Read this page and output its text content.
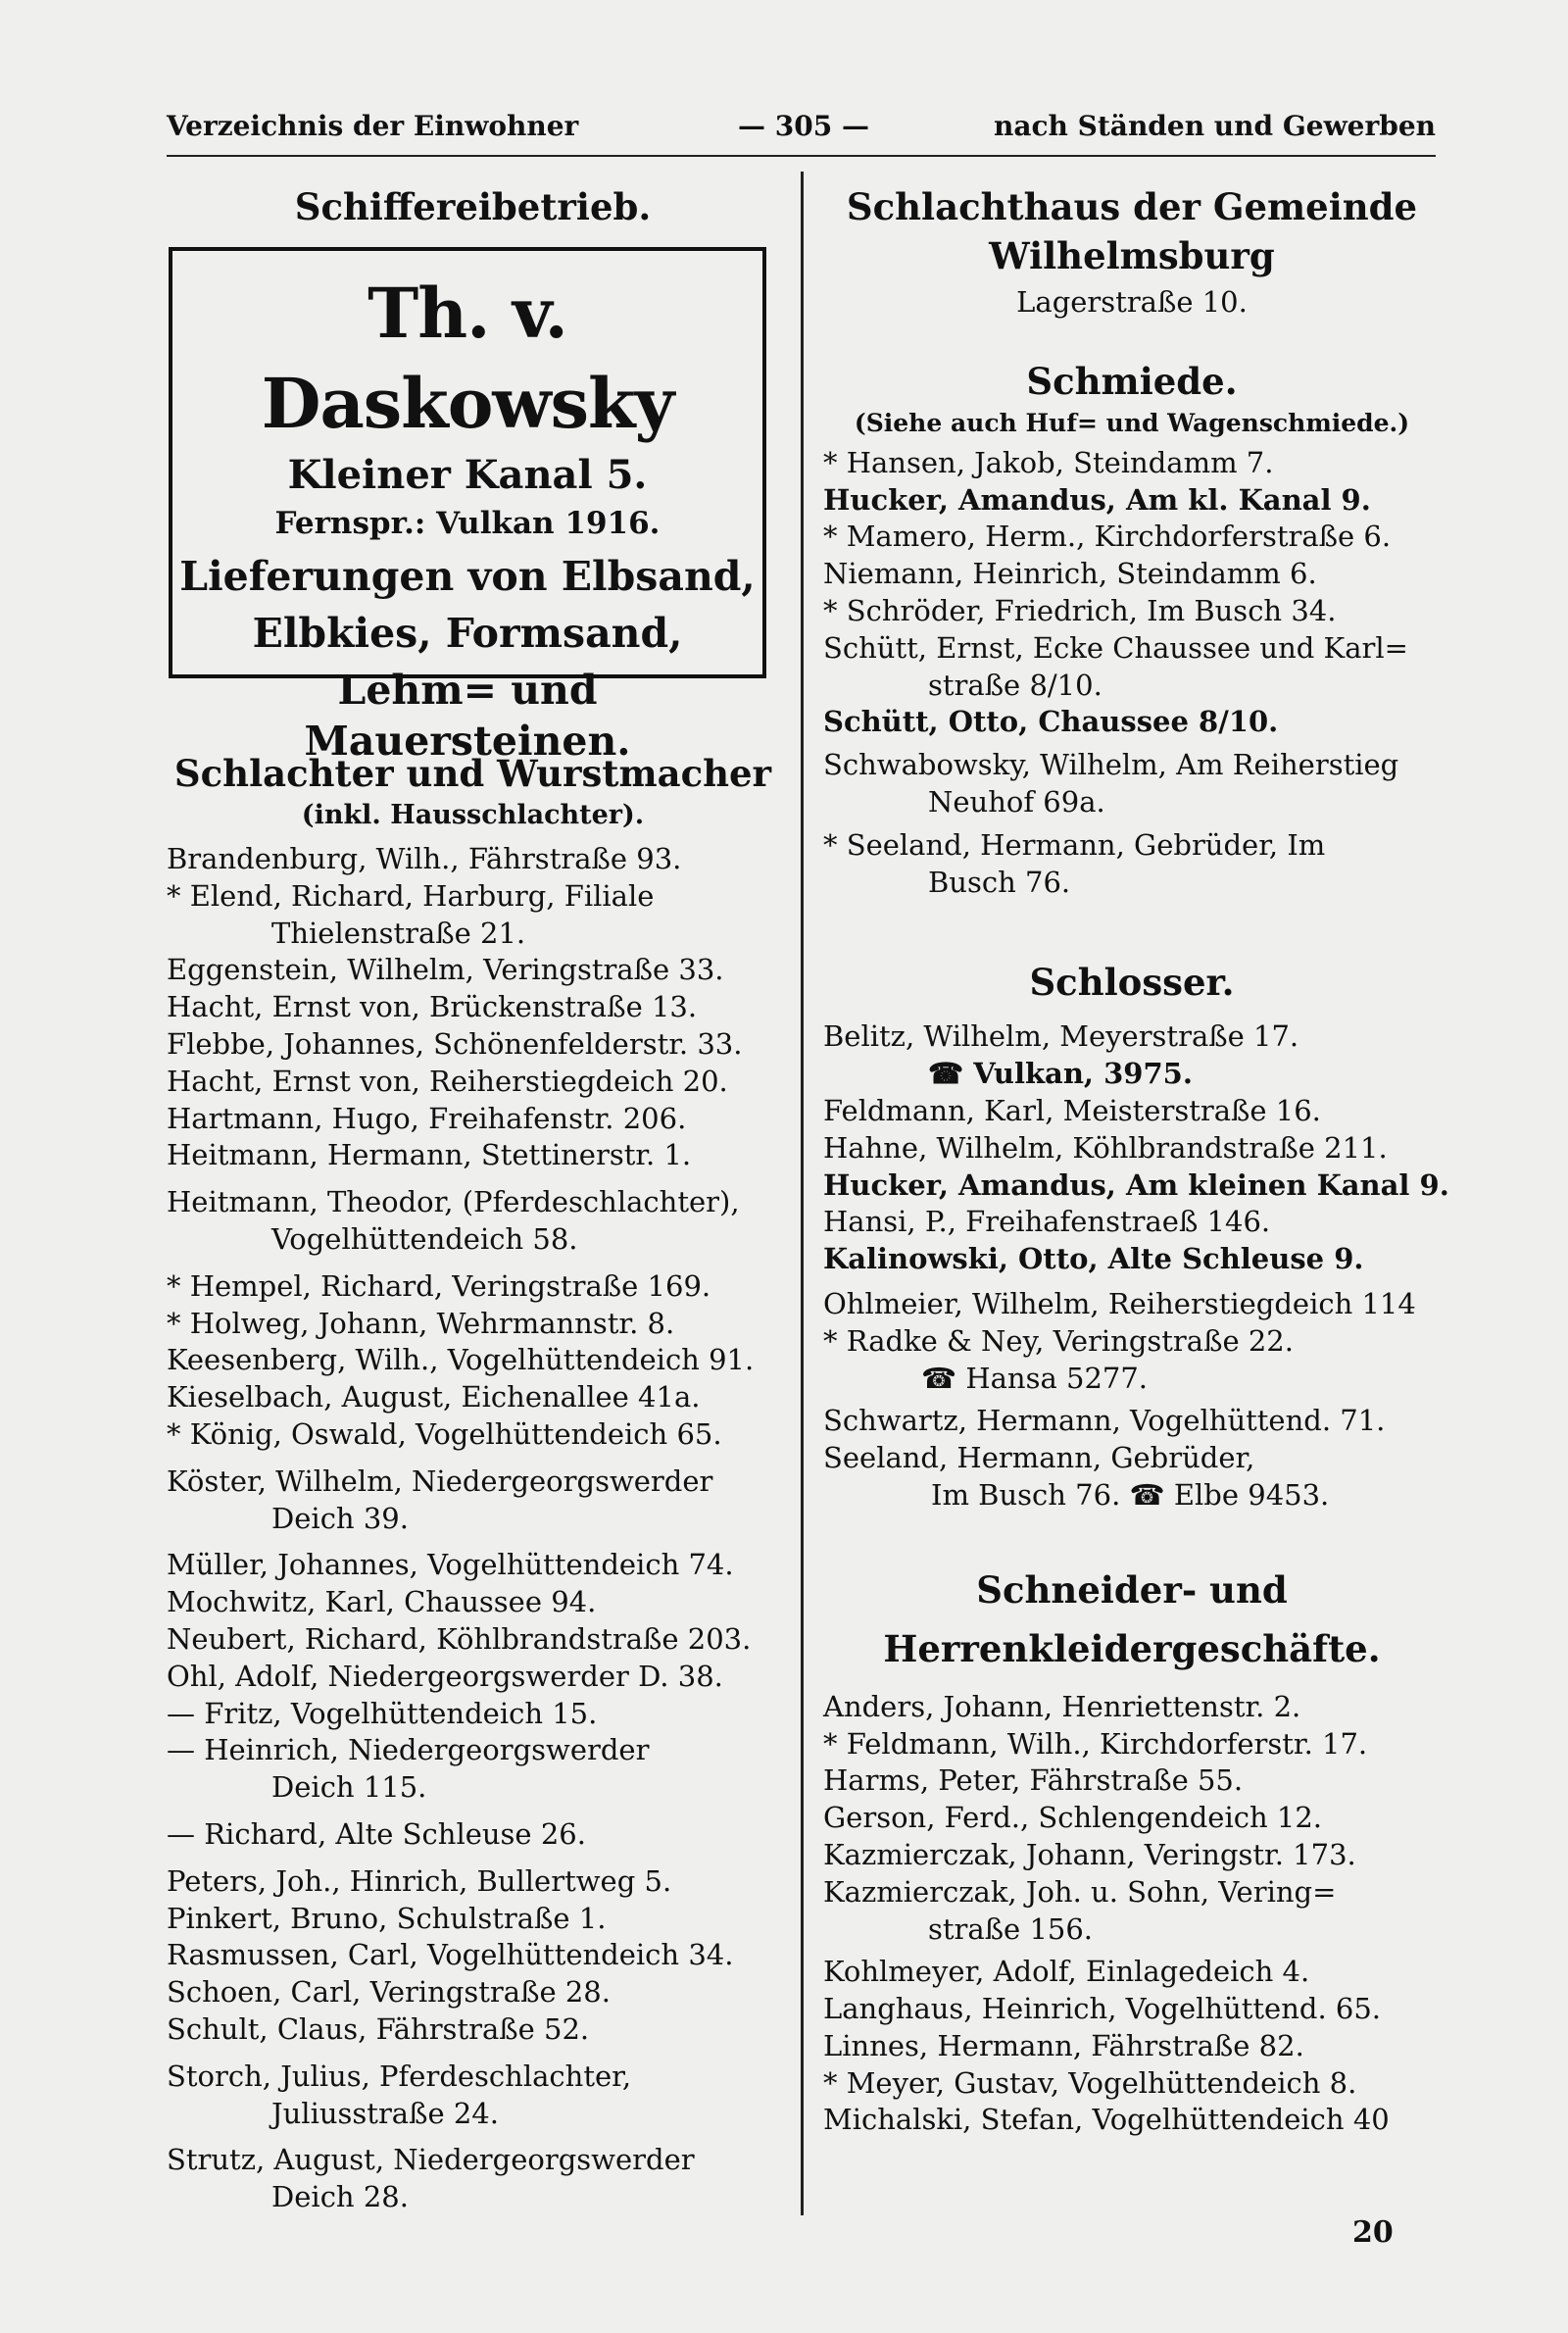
Verzeichnis der Einwohner	— 305 —	nach Ständen und Gewerben
Schiffereibetrieb.
Th. v. Daskowsky
Kleiner Kanal 5.
Fernspr.: Vulkan 1916.
Lieferungen von Elbsand,
Elbkies, Formsand,
Lehm= und Mauersteinen.
Schlachter und Wurstmacher
(inkl. Hausschlachter).
Brandenburg, Wilh., Fährstraße 93.
* Elend, Richard, Harburg, Filiale
Thielenstraße 21.
Eggenstein, Wilhelm, Veringstraße 33.
Hacht, Ernst von, Brückenstraße 13.
Flebbe, Johannes, Schönenfelderstr. 33.
Hacht, Ernst von, Reiherstiegdeich 20.
Hartmann, Hugo, Freihafenstr. 206.
Heitmann, Hermann, Stettinerstr. 1.
Heitmann, Theodor, (Pferdeschlachter),
Vogelhüttendeich 58.
* Hempel, Richard, Veringstraße 169.
* Holweg, Johann, Wehrmannstr. 8.
Keesenberg, Wilh., Vogelhüttendeich 91.
Kieselbach, August, Eichenallee 41a.
* König, Oswald, Vogelhüttendeich 65.
Köster, Wilhelm, Niedergeorgswerder
Deich 39.
Müller, Johannes, Vogelhüttendeich 74.
Mochwitz, Karl, Chaussee 94.
Neubert, Richard, Köhlbrandstraße 203.
Ohl, Adolf, Niedergeorgswerder D. 38.
— Fritz, Vogelhüttendeich 15.
— Heinrich, Niedergeorgswerder
Deich 115.
— Richard, Alte Schleuse 26.
Peters, Joh., Hinrich, Bullertweg 5.
Pinkert, Bruno, Schulstraße 1.
Rasmussen, Carl, Vogelhüttendeich 34.
Schoen, Carl, Veringstraße 28.
Schult, Claus, Fährstraße 52.
Storch, Julius, Pferdeschlachter,
Juliusstraße 24.
Strutz, August, Niedergeorgswerder
Deich 28.
Schlachthaus der Gemeinde
Wilhelmsburg
Lagerstraße 10.
Schmiede.
(Siehe auch Huf= und Wagenschmiede.)
* Hansen, Jakob, Steindamm 7.
Hucker, Amandus, Am kl. Kanal 9.
* Mamero, Herm., Kirchdorferstraße 6.
Niemann, Heinrich, Steindamm 6.
* Schröder, Friedrich, Im Busch 34.
Schütt, Ernst, Ecke Chaussee und Karl=
straße 8/10.
Schütt, Otto, Chaussee 8/10.
Schwabowsky, Wilhelm, Am Reiherstieg
Neuhof 69a.
* Seeland, Hermann, Gebrüder, Im
Busch 76.
Schlosser.
Belitz, Wilhelm, Meyerstraße 17.
☎ Vulkan, 3975.
Feldmann, Karl, Meisterstraße 16.
Hahne, Wilhelm, Köhlbrandstraße 211.
Hucker, Amandus, Am kleinen Kanal 9.
Hansi, P., Freihafenstraeß 146.
Kalinowski, Otto, Alte Schleuse 9.
Ohlmeier, Wilhelm, Reiherstiegdeich 114
* Radke & Ney, Veringstraße 22.
☎ Hansa 5277.
Schwartz, Hermann, Vogelhüttend. 71.
Seeland, Hermann, Gebrüder,
Im Busch 76. ☎ Elbe 9453.
Schneider- und
Herrenkleidergeschäfte.
Anders, Johann, Henriettenstr. 2.
* Feldmann, Wilh., Kirchdorferstr. 17.
Harms, Peter, Fährstraße 55.
Gerson, Ferd., Schlengendeich 12.
Kazmierczak, Johann, Veringstr. 173.
Kazmierczak, Joh. u. Sohn, Vering=
straße 156.
Kohlmeyer, Adolf, Einlagedeich 4.
Langhaus, Heinrich, Vogelhüttend. 65.
Linnes, Hermann, Fährstraße 82.
* Meyer, Gustav, Vogelhüttendeich 8.
Michalski, Stefan, Vogelhüttendeich 40
20
